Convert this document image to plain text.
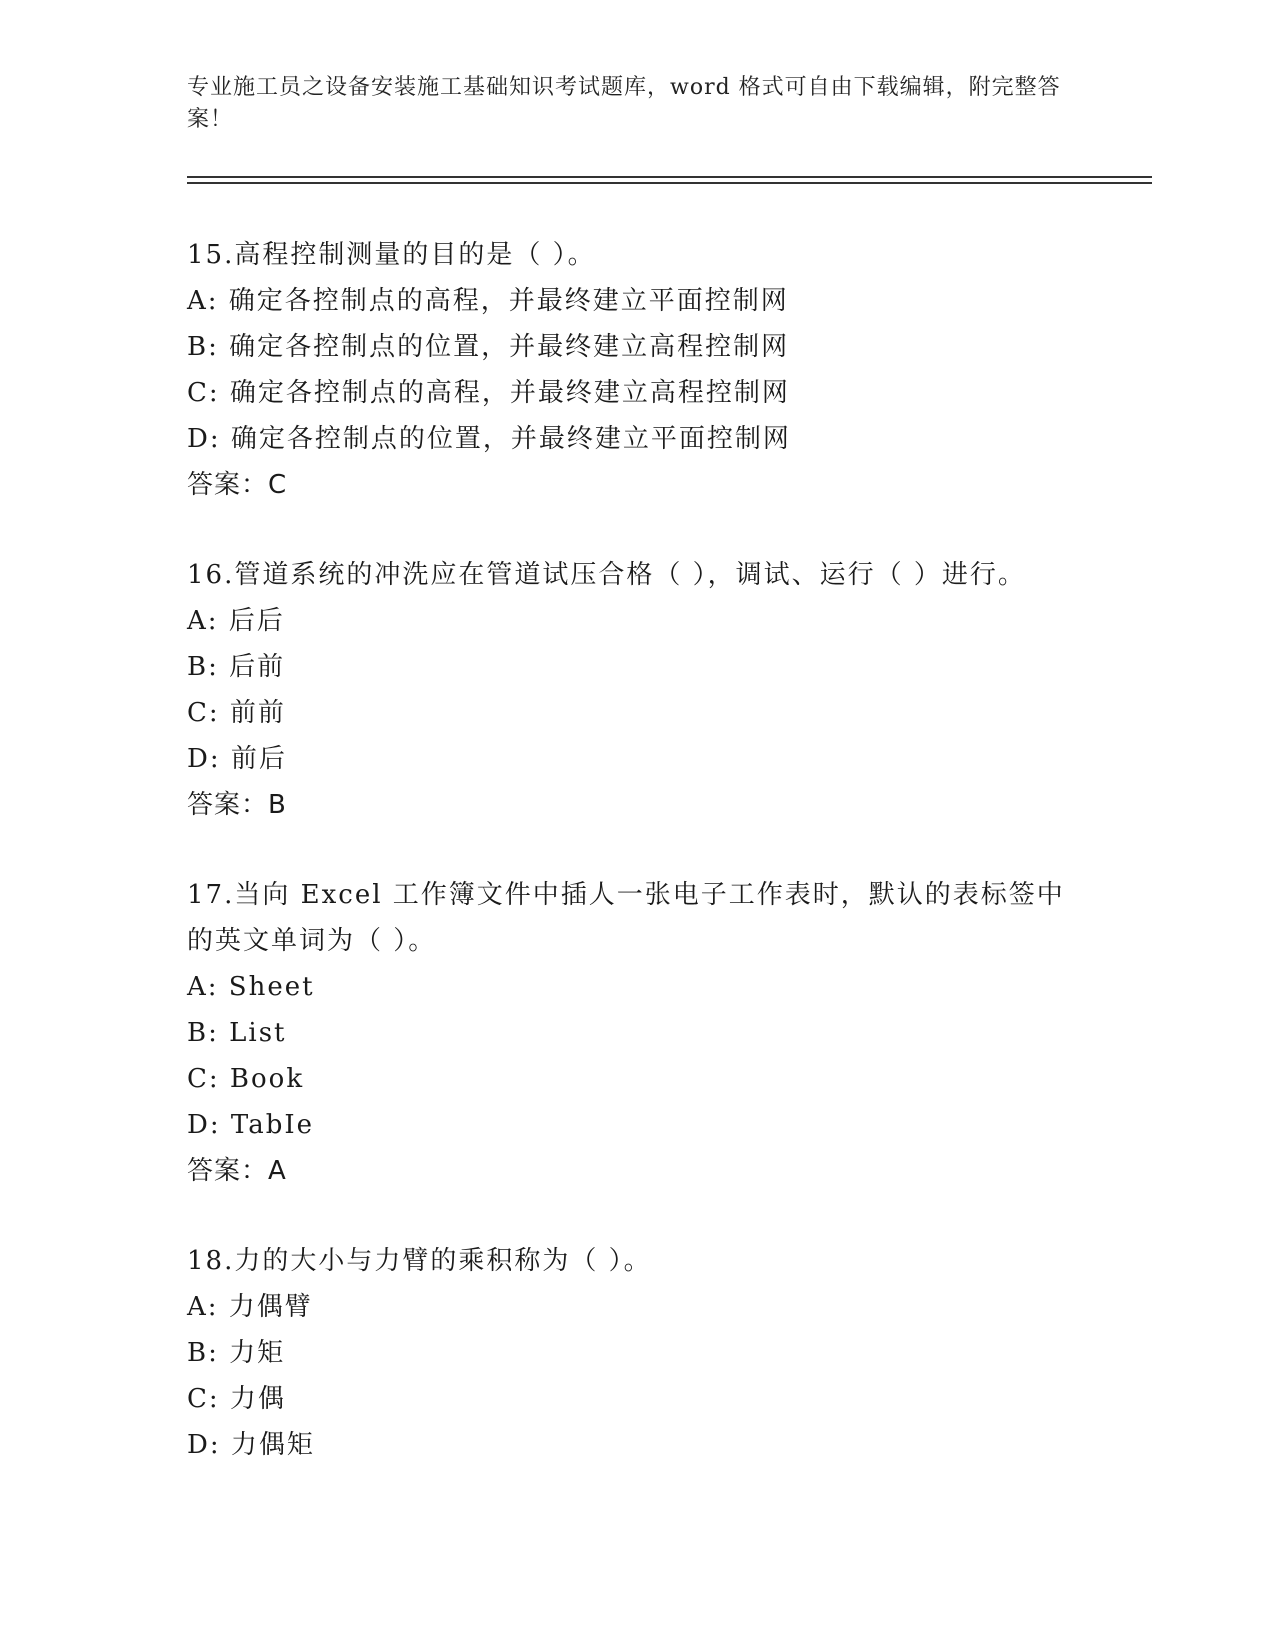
专业施工员之设备安装施工基础知识考试题库，word 格式可自由下载编辑，附完整答案！
15.高程控制测量的目的是（ ）。
A: 确定各控制点的高程，并最终建立平面控制网
B: 确定各控制点的位置，并最终建立高程控制网
C: 确定各控制点的高程，并最终建立高程控制网
D: 确定各控制点的位置，并最终建立平面控制网
答案：C
16.管道系统的冲洗应在管道试压合格（ ），调试、运行（ ）进行。
A: 后后
B: 后前
C: 前前
D: 前后
答案：B
17.当向 Excel 工作簿文件中插人一张电子工作表时，默认的表标签中的英文单词为（ ）。
A: Sheet
B: List
C: Book
D: TabIe
答案：A
18.力的大小与力臂的乘积称为（ ）。
A: 力偶臂
B: 力矩
C: 力偶
D: 力偶矩
